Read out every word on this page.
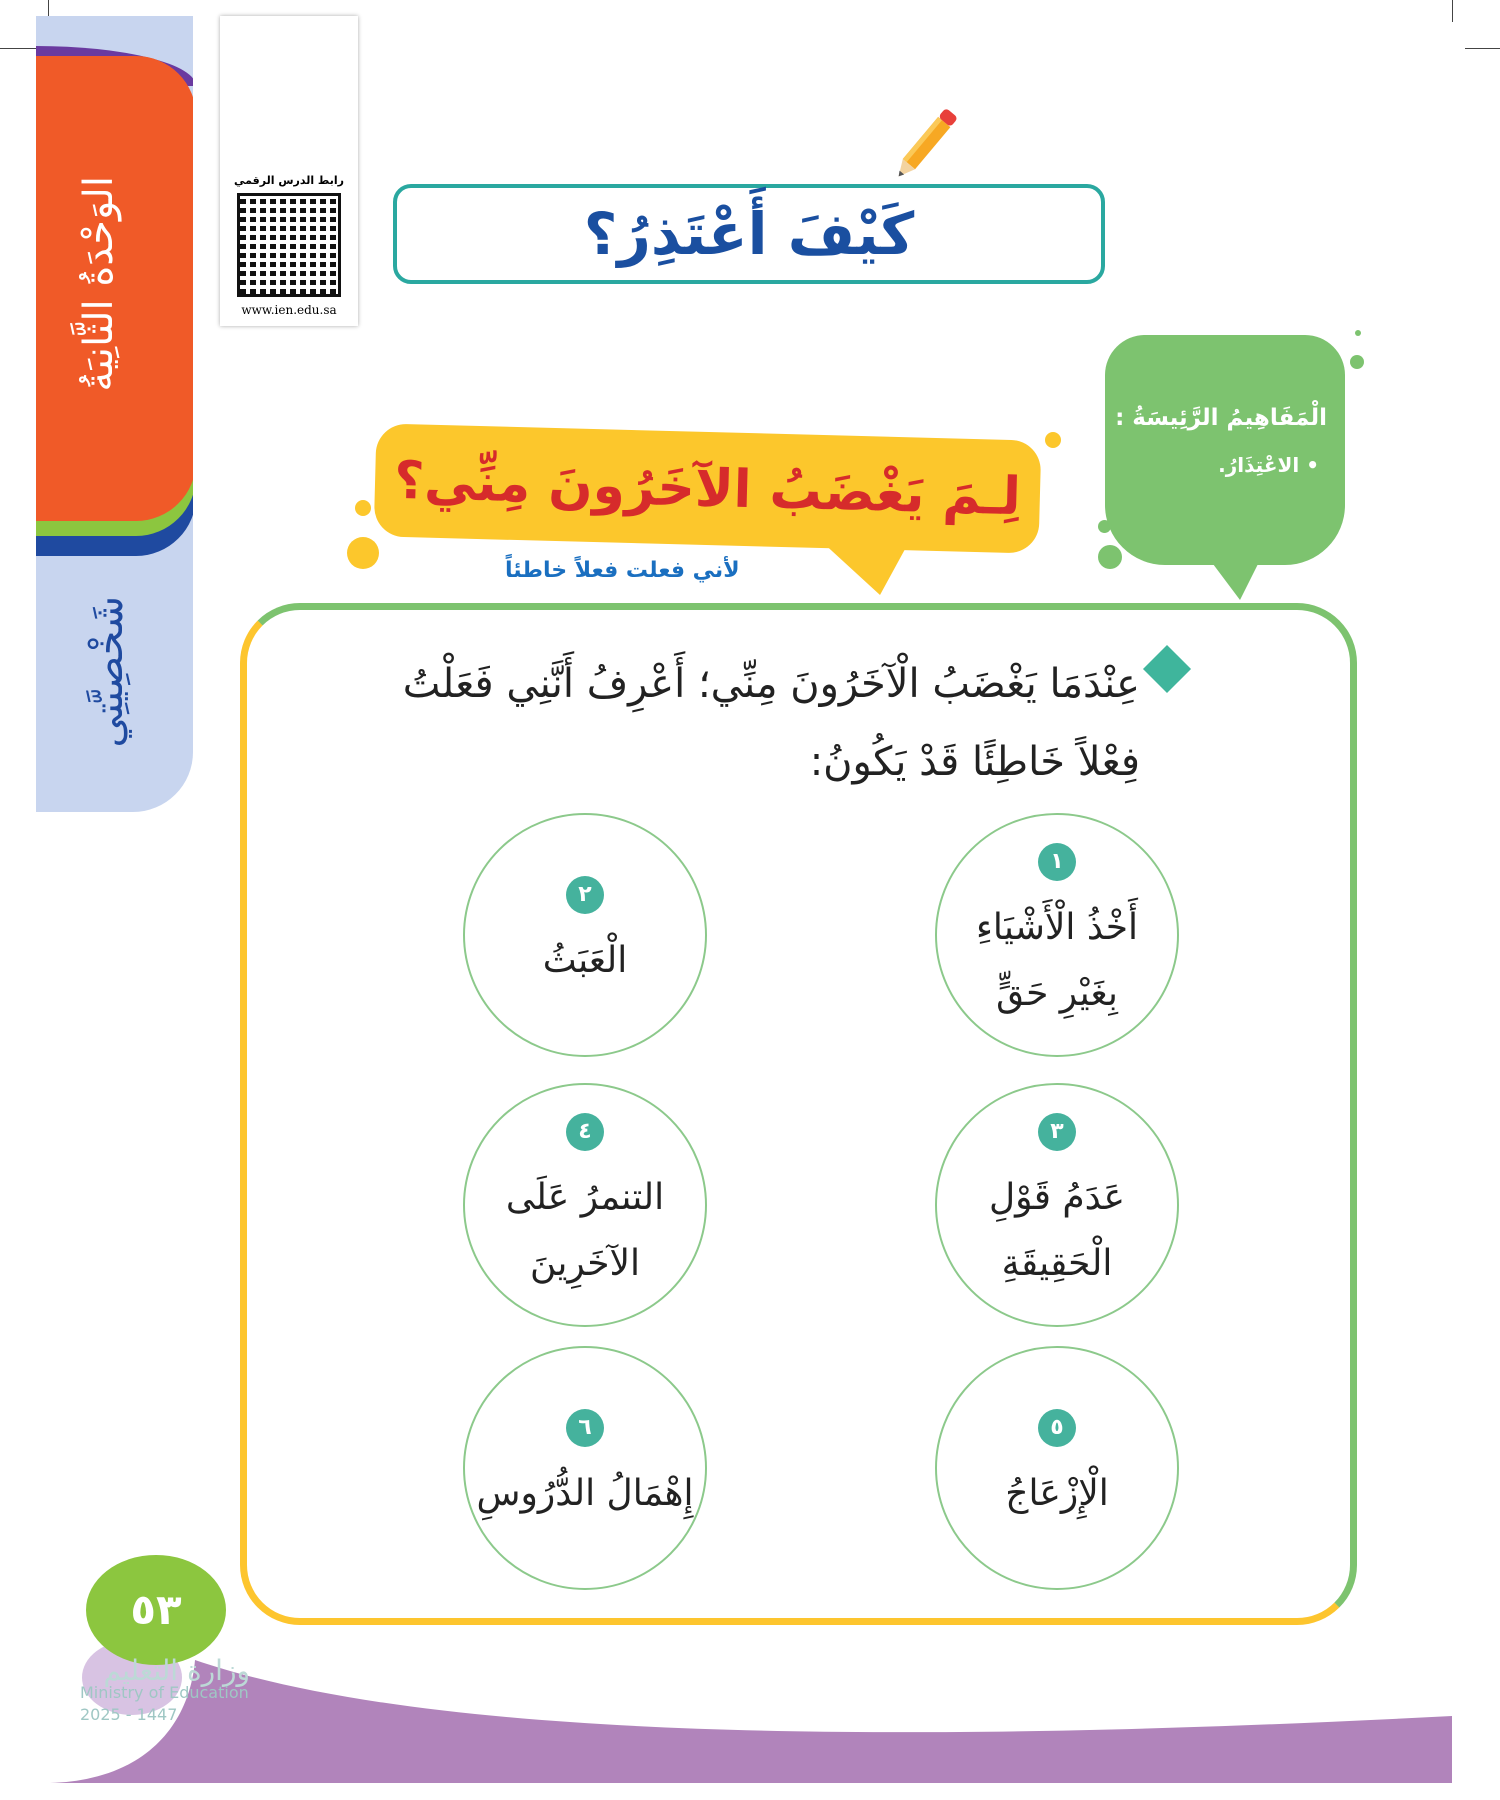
الوَحْدَةُ الثَّانِيَةُ
شَخْصِيَّتِي
رابط الدرس الرقمي
www.ien.edu.sa
كَيْفَ أَعْتَذِرُ؟
الْمَفَاهِيمُ الرَّئِيسَةُ :
• الاعْتِذَارُ.
لِـمَ يَغْضَبُ الآخَرُونَ مِنِّي؟
لأني فعلت فعلاً خاطئاً
عِنْدَمَا يَغْضَبُ الْآخَرُونَ مِنِّي؛ أَعْرِفُ أَنَّنِي فَعَلْتُ فِعْلاً خَاطِئًا قَدْ يَكُونُ:
١
أَخْذُ الْأَشْيَاءِ بِغَيْرِ حَقٍّ
٢
الْعَبَثُ
٣
عَدَمُ قَوْلِ الْحَقِيقَةِ
٤
التنمرُ عَلَى الآخَرِينَ
٥
الْإِزْعَاجُ
٦
إِهْمَالُ الدُّرُوسِ
٥٣
وزارة التعليم
Ministry of Education
2025 - 1447
